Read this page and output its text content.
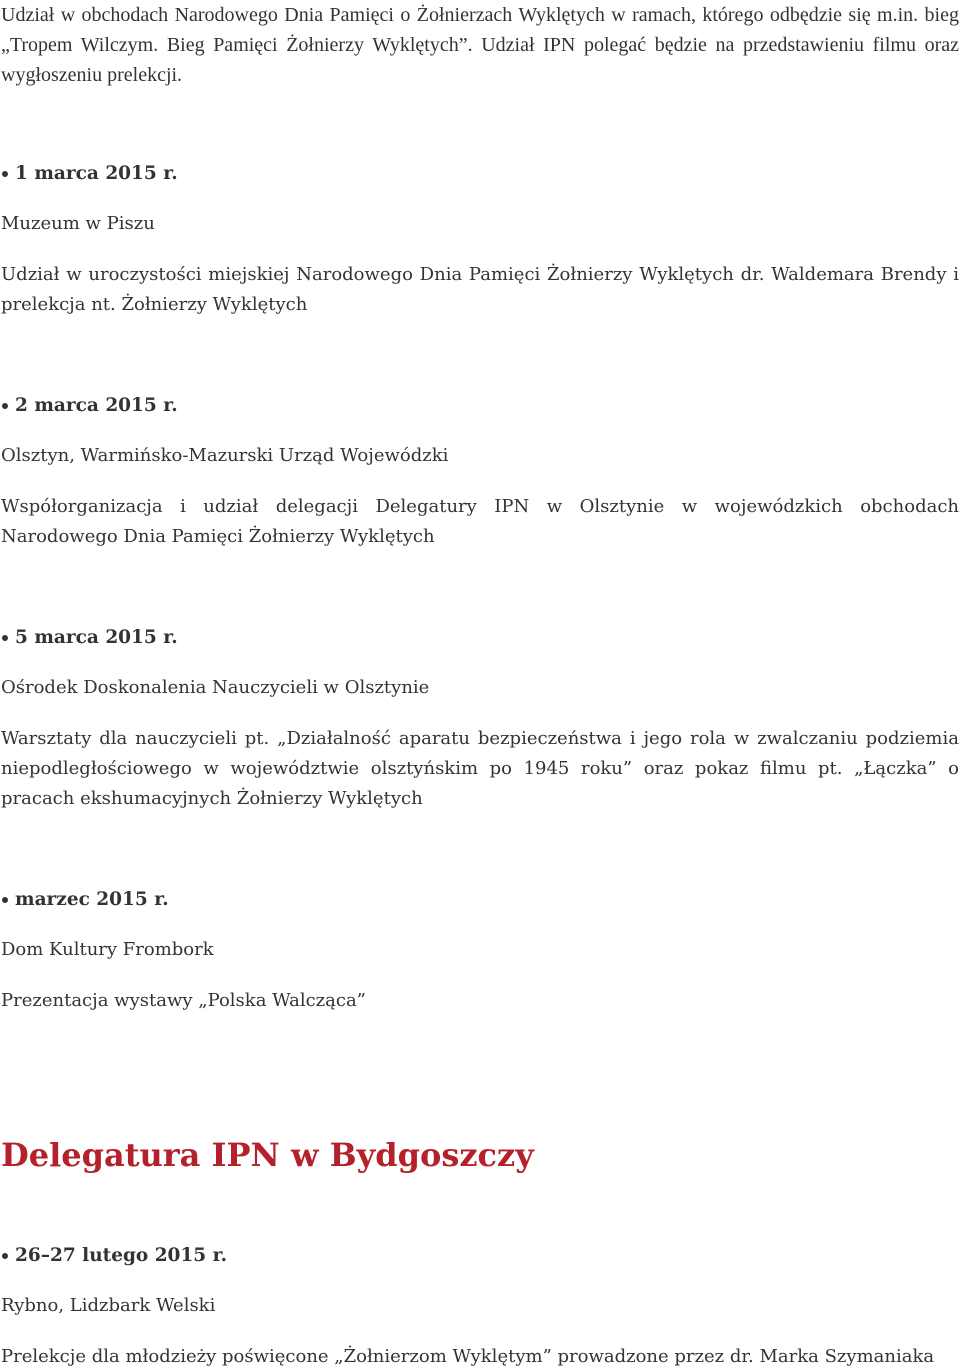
Udział w obchodach Narodowego Dnia Pamięci o Żołnierzach Wyklętych w ramach, którego odbędzie się m.in. bieg „Tropem Wilczym. Bieg Pamięci Żołnierzy Wyklętych”. Udział IPN polegać będzie na przedstawieniu filmu oraz wygłoszeniu prelekcji.

1 marca 2015 r.

Muzeum w Piszu

Udział w uroczystości miejskiej Narodowego Dnia Pamięci Żołnierzy Wyklętych dr. Waldemara Brendy i prelekcja nt. Żołnierzy Wyklętych

2 marca 2015 r.

Olsztyn, Warmińsko-Mazurski Urząd Wojewódzki

Współorganizacja i udział delegacji Delegatury IPN w Olsztynie w wojewódzkich obchodach Narodowego Dnia Pamięci Żołnierzy Wyklętych

5 marca 2015 r.

Ośrodek Doskonalenia Nauczycieli w Olsztynie

Warsztaty dla nauczycieli pt. „Działalność aparatu bezpieczeństwa i jego rola w zwalczaniu podziemia niepodległościowego w województwie olsztyńskim po 1945 roku” oraz pokaz filmu pt. „Łączka” o pracach ekshumacyjnych Żołnierzy Wyklętych

marzec 2015 r.

Dom Kultury Frombork

Prezentacja wystawy „Polska Walcząca”

Delegatura IPN w Bydgoszczy
26–27 lutego 2015 r.

Rybno, Lidzbark Welski

Prelekcje dla młodzieży poświęcone „Żołnierzom Wyklętym” prowadzone przez dr. Marka Szymaniaka
